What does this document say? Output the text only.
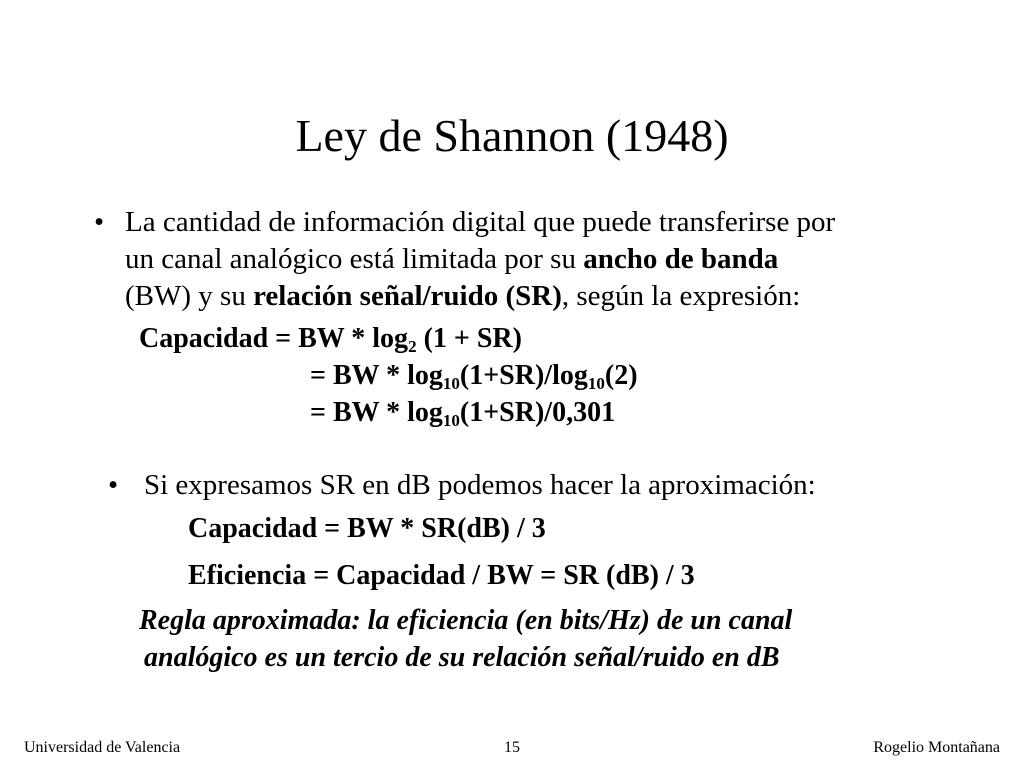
Ley de Shannon (1948)
• La cantidad de información digital que puede transferirse por
un canal analógico está limitada por su ancho de banda
(BW) y su relación señal/ruido (SR), según la expresión:
Capacidad = BW * $\log_2 (1 + SR)$
= BW * $\log_{10}(1+SR)/\log_{10}(2)$
= BW * $\log_{10}(1+SR)/0,301$
• Si expresamos SR en dB podemos hacer la aproximación:
Capacidad = BW * SR(dB) / 3
Eficiencia = Capacidad / BW = SR (dB) / 3
Regla aproximada: la eficiencia (en bits/Hz) de un canal
analógico es un tercio de su relación señal/ruido en dB
Universidad de Valencia	15	Rogelio Montañana
